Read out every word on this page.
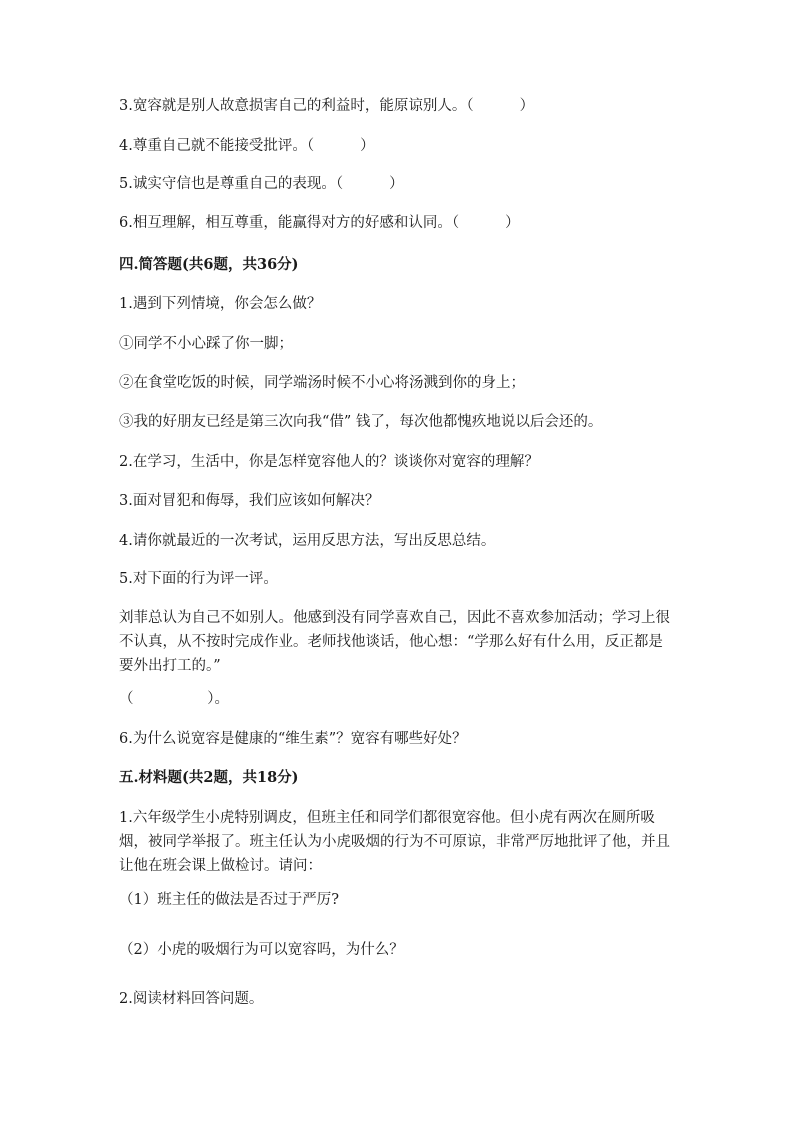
3.宽容就是别人故意损害自己的利益时，能原谅别人。（          ）
4.尊重自己就不能接受批评。（          ）
5.诚实守信也是尊重自己的表现。（          ）
6.相互理解，相互尊重，能赢得对方的好感和认同。（          ）
四.简答题(共6题，共36分)
1.遇到下列情境，你会怎么做？
①同学不小心踩了你一脚；
②在食堂吃饭的时候，同学端汤时候不小心将汤溅到你的身上；
③我的好朋友已经是第三次向我“借” 钱了，每次他都愧疚地说以后会还的。
2.在学习，生活中，你是怎样宽容他人的？谈谈你对宽容的理解？
3.面对冒犯和侮辱，我们应该如何解决？
4.请你就最近的一次考试，运用反思方法，写出反思总结。
5.对下面的行为评一评。
刘菲总认为自己不如别人。他感到没有同学喜欢自己，因此不喜欢参加活动；学习上很不认真，从不按时完成作业。老师找他谈话，他心想：“学那么好有什么用，反正都是要外出打工的。”
（                ）。
6.为什么说宽容是健康的“维生素”？宽容有哪些好处？
五.材料题(共2题，共18分)
1.六年级学生小虎特别调皮，但班主任和同学们都很宽容他。但小虎有两次在厕所吸烟，被同学举报了。班主任认为小虎吸烟的行为不可原谅，非常严厉地批评了他，并且让他在班会课上做检讨。请问：
（1）班主任的做法是否过于严厉?
（2）小虎的吸烟行为可以宽容吗，为什么？
2.阅读材料回答问题。
